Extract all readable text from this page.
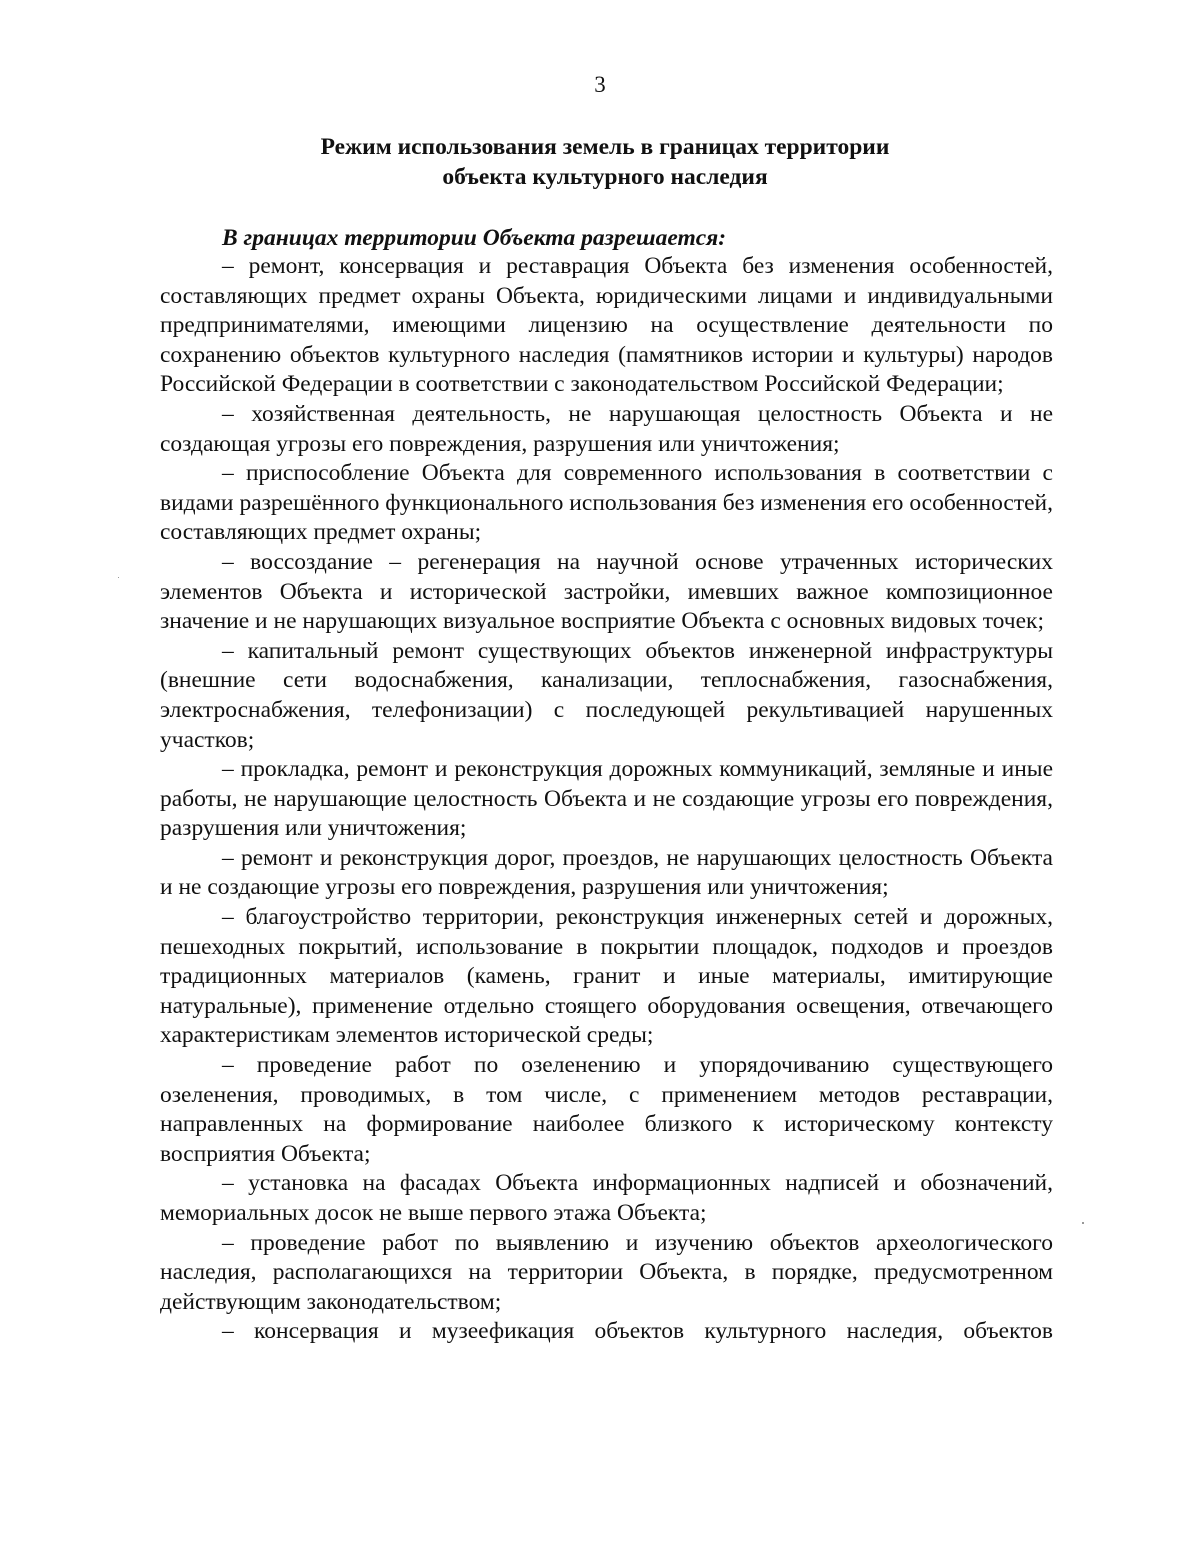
3
Режим использования земель в границах территории
объекта культурного наследия
В границах территории Объекта разрешается:

– ремонт, консервация и реставрация Объекта без изменения особенностей, составляющих предмет охраны Объекта, юридическими лицами и индивидуальными предпринимателями, имеющими лицензию на осуществление деятельности по сохранению объектов культурного наследия (памятников истории и культуры) народов Российской Федерации в соответствии с законодательством Российской Федерации;

– хозяйственная деятельность, не нарушающая целостность Объекта и не создающая угрозы его повреждения, разрушения или уничтожения;

– приспособление Объекта для современного использования в соответствии с видами разрешённого функционального использования без изменения его особенностей, составляющих предмет охраны;

– воссоздание – регенерация на научной основе утраченных исторических элементов Объекта и исторической застройки, имевших важное композиционное значение и не нарушающих визуальное восприятие Объекта с основных видовых точек;

– капитальный ремонт существующих объектов инженерной инфраструктуры (внешние сети водоснабжения, канализации, теплоснабжения, газоснабжения, электроснабжения, телефонизации) с последующей рекультивацией нарушенных участков;

– прокладка, ремонт и реконструкция дорожных коммуникаций, земляные и иные работы, не нарушающие целостность Объекта и не создающие угрозы его повреждения, разрушения или уничтожения;

– ремонт и реконструкция дорог, проездов, не нарушающих целостность Объекта и не создающие угрозы его повреждения, разрушения или уничтожения;

– благоустройство территории, реконструкция инженерных сетей и дорожных, пешеходных покрытий, использование в покрытии площадок, подходов и проездов традиционных материалов (камень, гранит и иные материалы, имитирующие натуральные), применение отдельно стоящего оборудования освещения, отвечающего характеристикам элементов исторической среды;

– проведение работ по озеленению и упорядочиванию существующего озеленения, проводимых, в том числе, с применением методов реставрации, направленных на формирование наиболее близкого к историческому контексту восприятия Объекта;

– установка на фасадах Объекта информационных надписей и обозначений, мемориальных досок не выше первого этажа Объекта;

– проведение работ по выявлению и изучению объектов археологического наследия, располагающихся на территории Объекта, в порядке, предусмотренном действующим законодательством;

– консервация и музеефикация объектов культурного наследия, объектов
